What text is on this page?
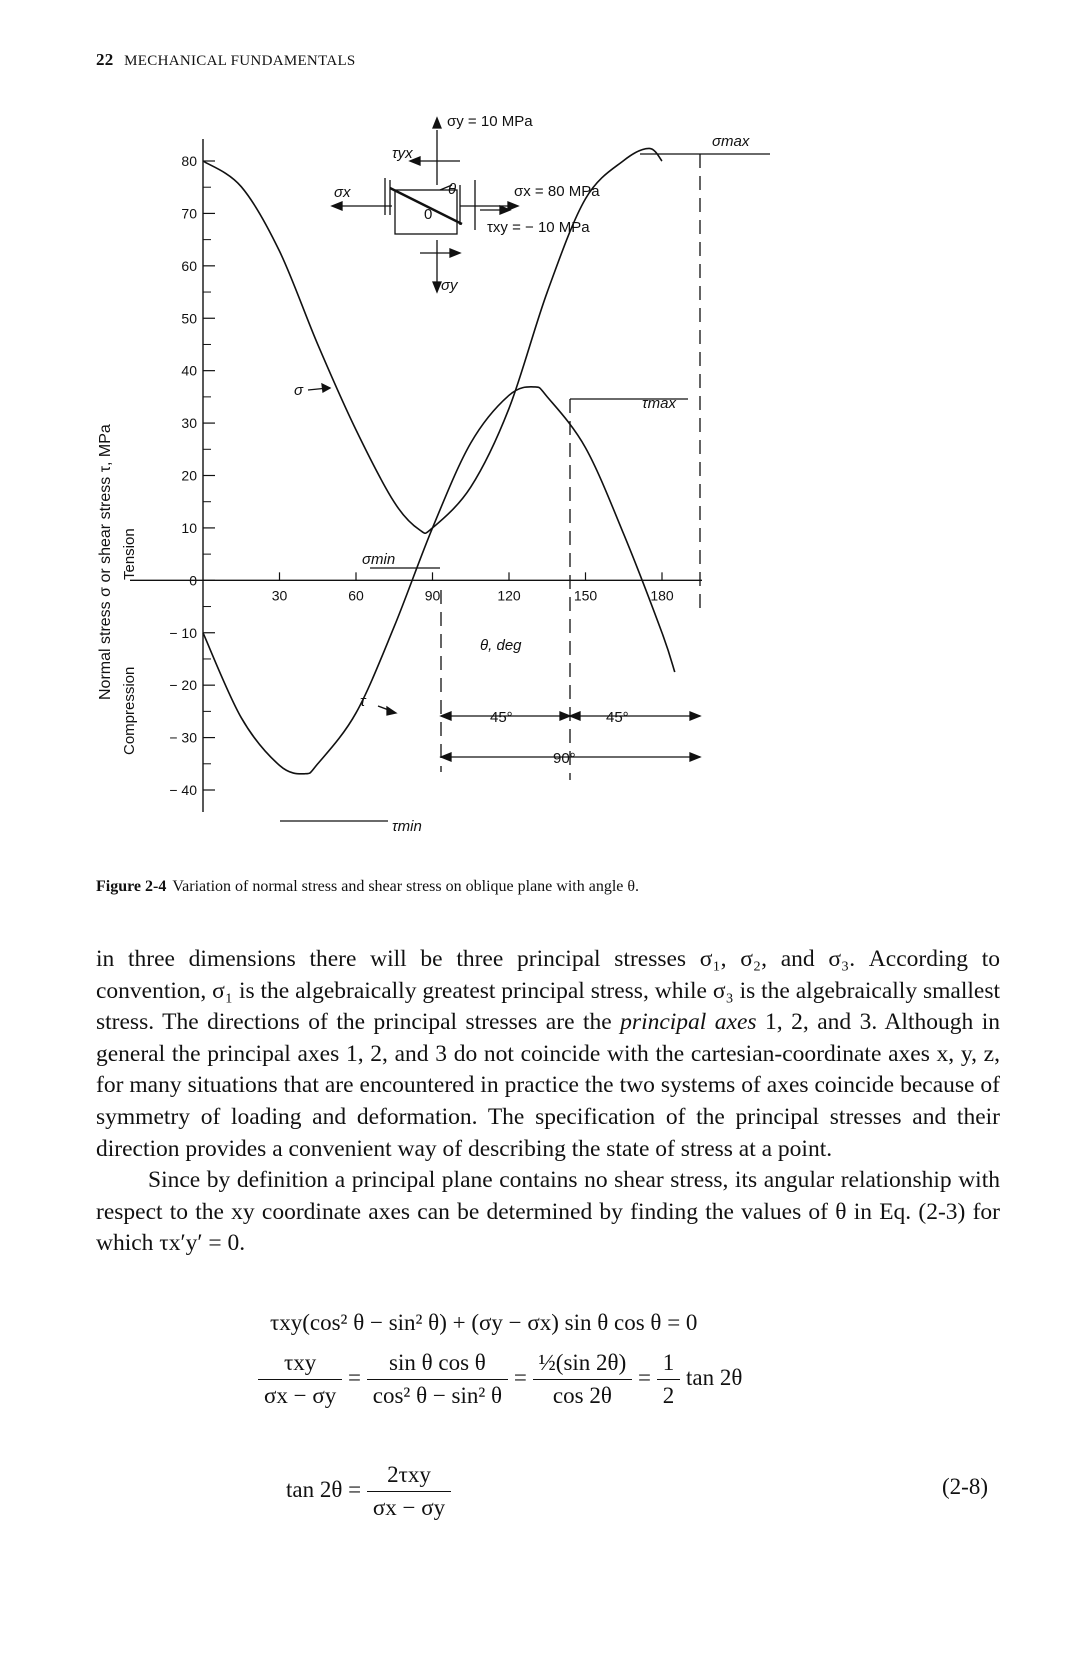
22 MECHANICAL FUNDAMENTALS
80
70
60
50
40
30
20
10
0
− 10
− 20
− 30
− 40
30	60	90	120	150	180
σy = 10 MPa
τyx
σx	θ
0
σx = 80 MPa
τxy = − 10 MPa
σy
σmax
τmax
σ
σmin
τ
τmin
45°	45°
90°
θ, deg
Normal stress σ or shear stress τ, MPa
Compression
Tension
Figure 2-4 Variation of normal stress and shear stress on oblique plane with angle θ.

in three dimensions there will be three principal stresses σ₁, σ₂, and σ₃. According to convention, σ₁ is the algebraically greatest principal stress, while σ₃ is the algebraically smallest stress. The directions of the principal stresses are the principal axes 1, 2, and 3. Although in general the principal axes 1, 2, and 3 do not coincide with the cartesian-coordinate axes x, y, z, for many situations that are encountered in practice the two systems of axes coincide because of symmetry of loading and deformation. The specification of the principal stresses and their direction provides a convenient way of describing the state of stress at a point.

Since by definition a principal plane contains no shear stress, its angular relationship with respect to the xy coordinate axes can be determined by finding the values of θ in Eq. (2-3) for which τx′y′ = 0.

τxy(cos² θ − sin² θ) + (σy − σx) sin θ cos θ = 0
$\frac{\text{τxy}}{\sigma x - \sigma y} = \frac{\text{sin θ cos θ}}{\text{cos² θ − sin² θ}} = \frac{\text{½(sin 2θ)}}{\cos 2\theta} = \frac{1}{2}$ tan 2θ
$\tan 2\theta = \frac{\text{2τxy}}{\sigma x - \sigma y}$	(2-8)
